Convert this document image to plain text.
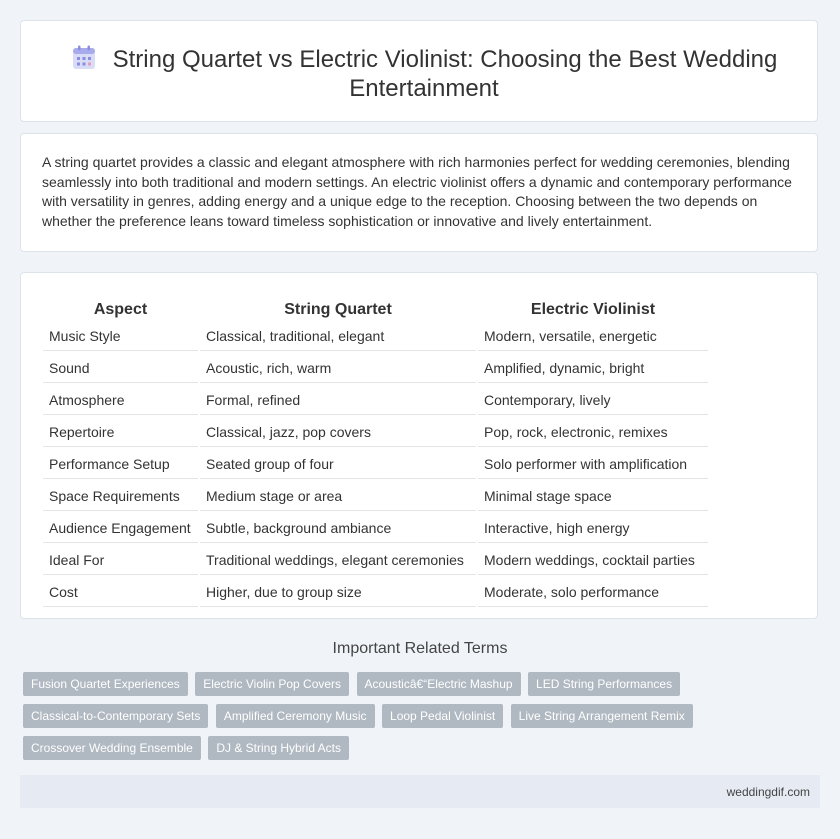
String Quartet vs Electric Violinist: Choosing the Best Wedding Entertainment

A string quartet provides a classic and elegant atmosphere with rich harmonies perfect for wedding ceremonies, blending seamlessly into both traditional and modern settings. An electric violinist offers a dynamic and contemporary performance with versatility in genres, adding energy and a unique edge to the reception. Choosing between the two depends on whether the preference leans toward timeless sophistication or innovative and lively entertainment.

Aspect	String Quartet	Electric Violinist
Music Style	Classical, traditional, elegant	Modern, versatile, energetic
Sound	Acoustic, rich, warm	Amplified, dynamic, bright
Atmosphere	Formal, refined	Contemporary, lively
Repertoire	Classical, jazz, pop covers	Pop, rock, electronic, remixes
Performance Setup	Seated group of four	Solo performer with amplification
Space Requirements	Medium stage or area	Minimal stage space
Audience Engagement	Subtle, background ambiance	Interactive, high energy
Ideal For	Traditional weddings, elegant ceremonies	Modern weddings, cocktail parties
Cost	Higher, due to group size	Moderate, solo performance
Important Related Terms
Fusion Quartet Experiences Electric Violin Pop Covers Acousticâ€“Electric Mashup LED String Performances Classical-to-Contemporary Sets Amplified Ceremony Music Loop Pedal Violinist Live String Arrangement Remix Crossover Wedding Ensemble DJ & String Hybrid Acts
weddingdif.com
